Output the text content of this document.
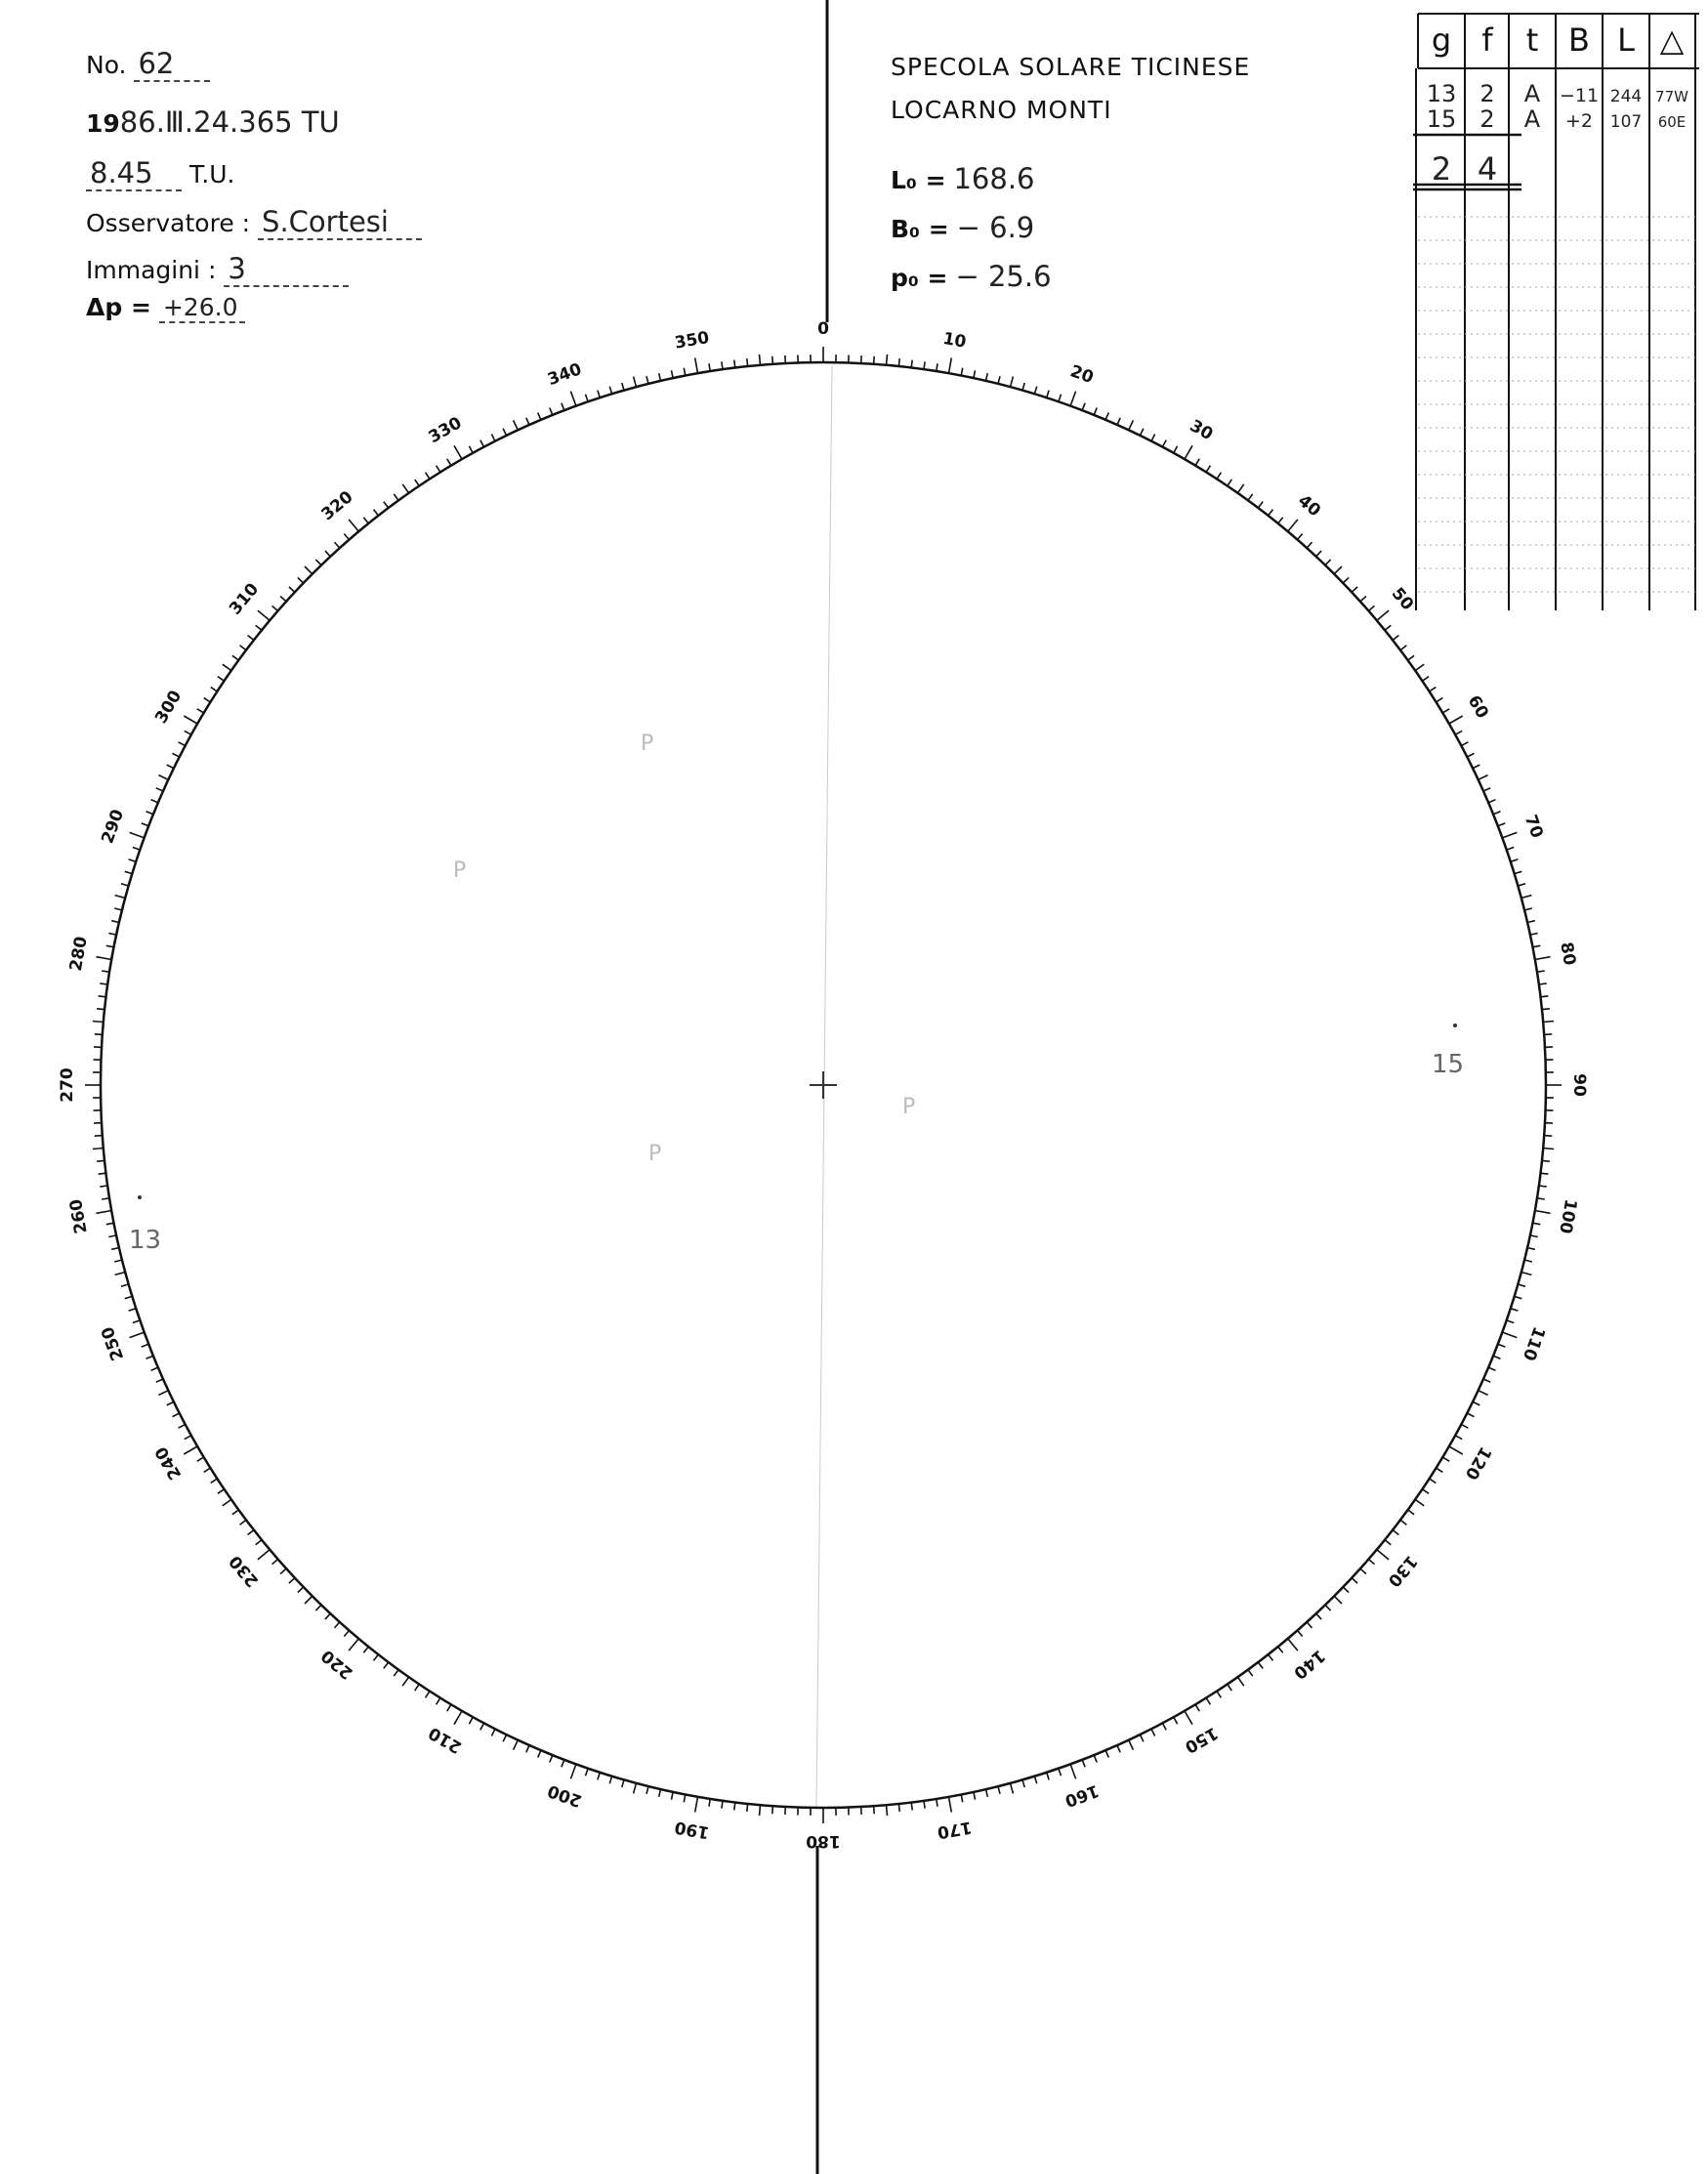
No. 62
1986.Ⅲ.24.365 TU
8.45 T.U.
Osservatore : S.Cortesi
Immagini : 3
Δp = +26.0
SPECOLA SOLARE TICINESE
LOCARNO MONTI
L₀ = 168.6
B₀ = − 6.9
p₀ = − 25.6
0	10
20
30
40
50
60
70
80
90
100
110
120
130
140
150
160
170
180
190
200
210
220
230
240
250
260
270
280
290
300
310
320
330
340
350
P
P
P
P
15
13
g f t B L △
13 2 A −11 244 77W
15 2 A +2 107 60E
2 4
